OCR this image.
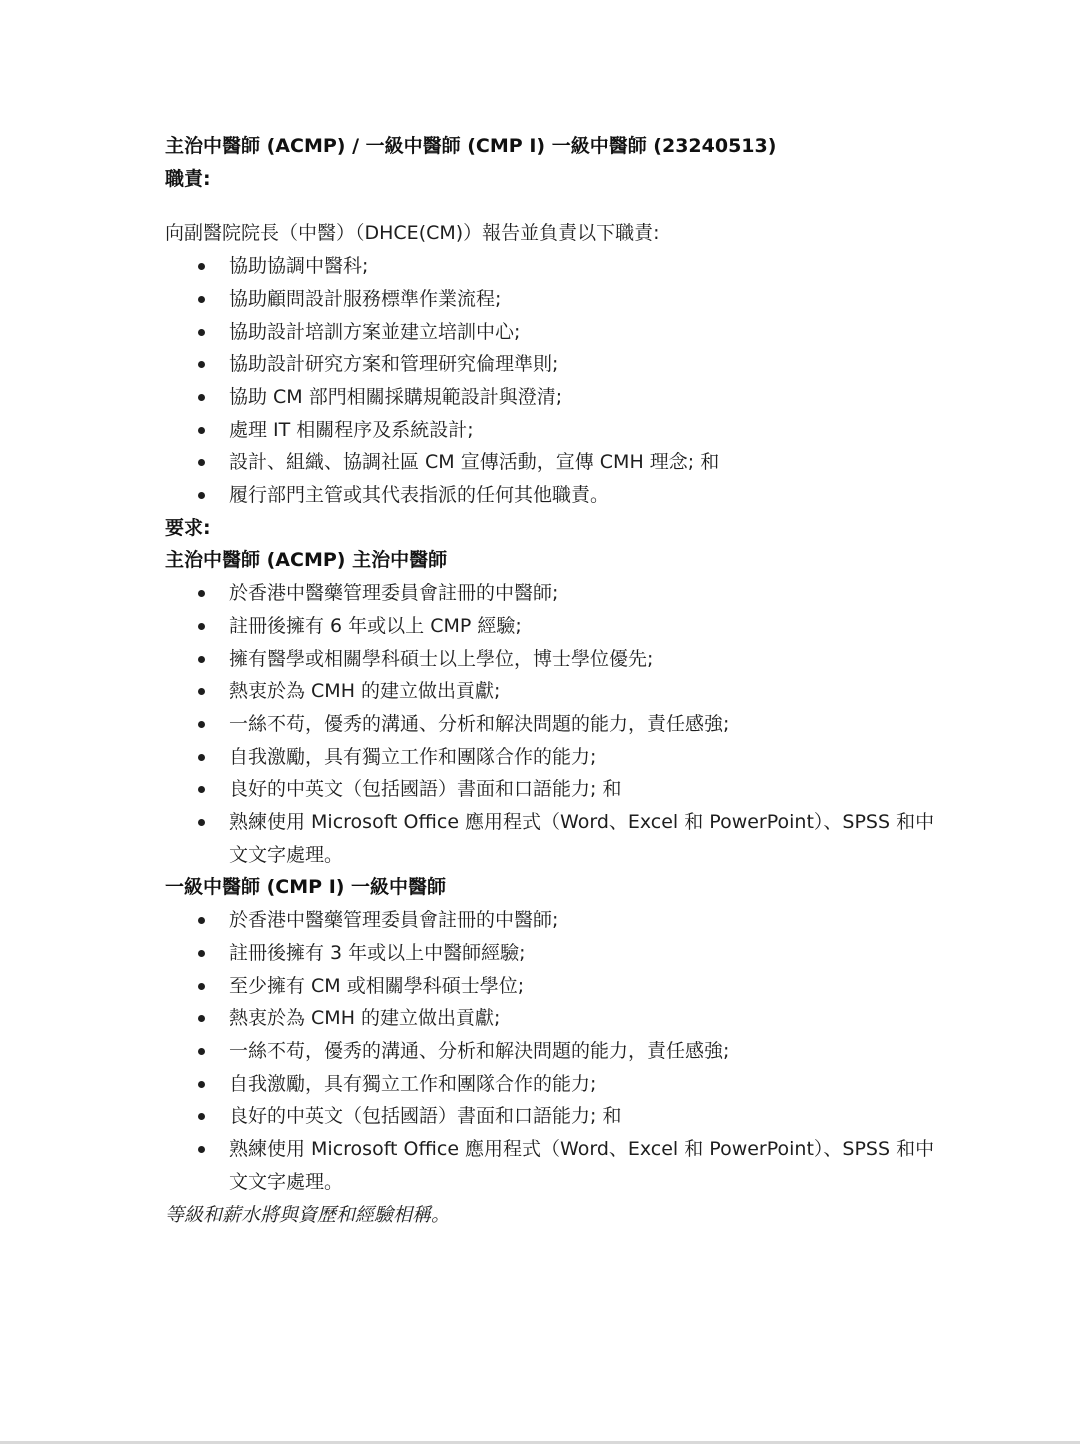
主治中醫師 (ACMP) / 一級中醫師 (CMP I) 一級中醫師 (23240513)

職責:

向副醫院院長（中醫）（DHCE(CM)）報告並負責以下職責:

協助協調中醫科;
協助顧問設計服務標準作業流程;
協助設計培訓方案並建立培訓中心;
協助設計研究方案和管理研究倫理準則;
協助 CM 部門相關採購規範設計與澄清;
處理 IT 相關程序及系統設計;
設計、組織、協調社區 CM 宣傳活動，宣傳 CMH 理念; 和
履行部門主管或其代表指派的任何其他職責。

要求:

主治中醫師 (ACMP) 主治中醫師

於香港中醫藥管理委員會註冊的中醫師;
註冊後擁有 6 年或以上 CMP 經驗;
擁有醫學或相關學科碩士以上學位，博士學位優先;
熱衷於為 CMH 的建立做出貢獻;
一絲不苟，優秀的溝通、分析和解決問題的能力，責任感強;
自我激勵，具有獨立工作和團隊合作的能力;
良好的中英文（包括國語）書面和口語能力; 和
熟練使用 Microsoft Office 應用程式（Word、Excel 和 PowerPoint）、SPSS 和中文文字處理。

一級中醫師 (CMP I) 一級中醫師

於香港中醫藥管理委員會註冊的中醫師;
註冊後擁有 3 年或以上中醫師經驗;
至少擁有 CM 或相關學科碩士學位;
熱衷於為 CMH 的建立做出貢獻;
一絲不苟，優秀的溝通、分析和解決問題的能力，責任感強;
自我激勵，具有獨立工作和團隊合作的能力;
良好的中英文（包括國語）書面和口語能力; 和
熟練使用 Microsoft Office 應用程式（Word、Excel 和 PowerPoint）、SPSS 和中文文字處理。

等級和薪水將與資歷和經驗相稱。
